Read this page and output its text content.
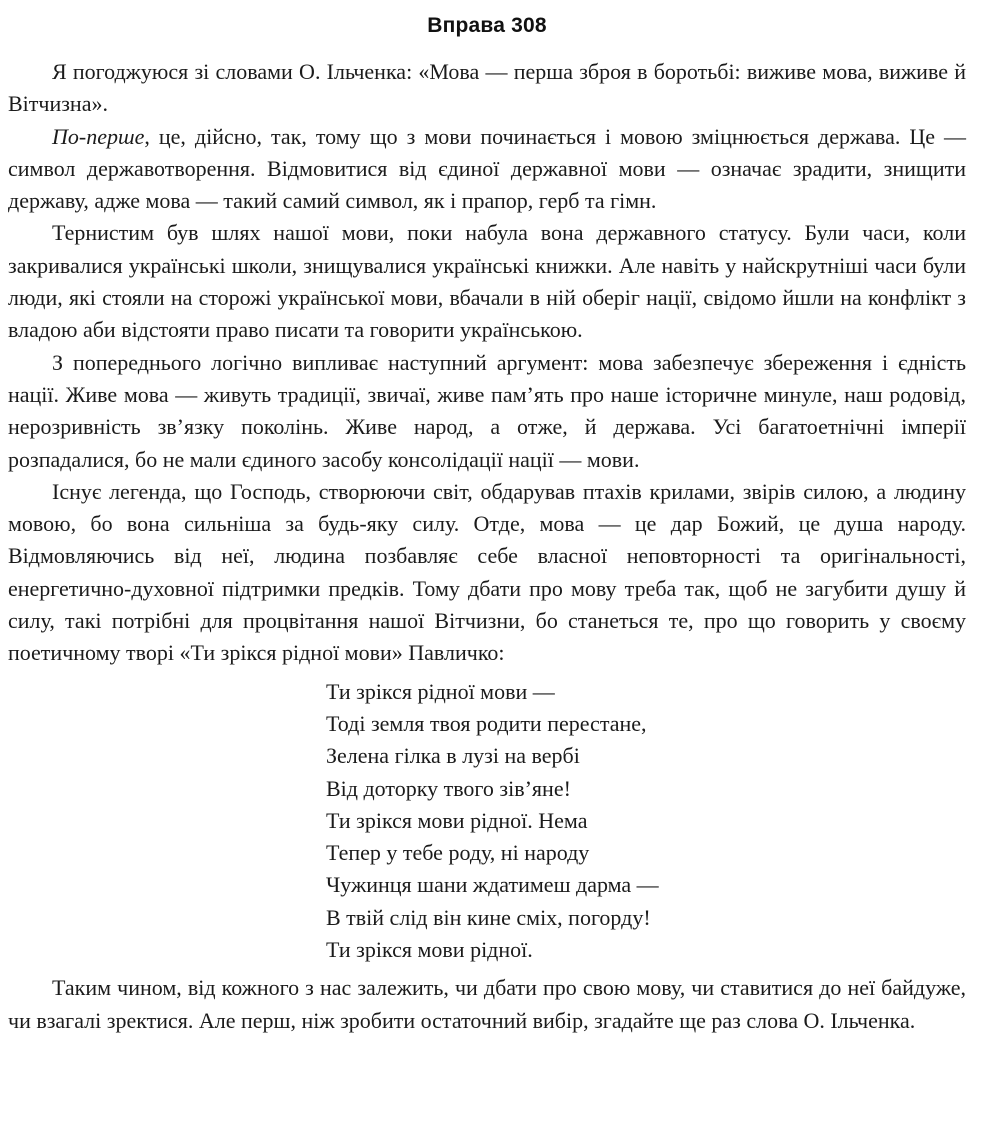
Вправа 308

Я погоджуюся зі словами О. Ільченка: «Мова — перша зброя в боротьбі: виживе мова, виживе й Вітчизна».

По-перше, це, дійсно, так, тому що з мови починається і мовою зміцнюється держава. Це — символ державотворення. Відмовитися від єдиної державної мови — означає зрадити, знищити державу, адже мова — такий самий символ, як і прапор, герб та гімн.

Тернистим був шлях нашої мови, поки набула вона державного статусу. Були часи, коли закривалися українські школи, знищувалися українські книжки. Але навіть у найскрутніші часи були люди, які стояли на сторожі української мови, вбачали в ній оберіг нації, свідомо йшли на конфлікт з владою аби відстояти право писати та говорити українською.

З попереднього логічно випливає наступний аргумент: мова забезпечує збереження і єдність нації. Живе мова — живуть традиції, звичаї, живе пам’ять про наше історичне минуле, наш родовід, нерозривність зв’язку поколінь. Живе народ, а отже, й держава. Усі багатоетнічні імперії розпадалися, бо не мали єдиного засобу консолідації нації — мови.

Існує легенда, що Господь, створюючи світ, обдарував птахів крилами, звірів силою, а людину мовою, бо вона сильніша за будь-яку силу. Отде, мова — це дар Божий, це душа народу. Відмовляючись від неї, людина позбавляє себе власної неповторності та оригінальності, енергетично-духовної підтримки предків. Тому дбати про мову треба так, щоб не загубити душу й силу, такі потрібні для процвітання нашої Вітчизни, бо станеться те, про що говорить у своєму поетичному творі «Ти зрікся рідної мови» Павличко:

Ти зрікся рідної мови —
Тоді земля твоя родити перестане,
Зелена гілка в лузі на вербі
Від доторку твого зів’яне!
Ти зрікся мови рідної. Нема
Тепер у тебе роду, ні народу
Чужинця шани ждатимеш дарма —
В твій слід він кине сміх, погорду!
Ти зрікся мови рідної.

Таким чином, від кожного з нас залежить, чи дбати про свою мову, чи ставитися до неї байдуже, чи взагалі зректися. Але перш, ніж зробити остаточний вибір, згадайте ще раз слова О. Ільченка.
